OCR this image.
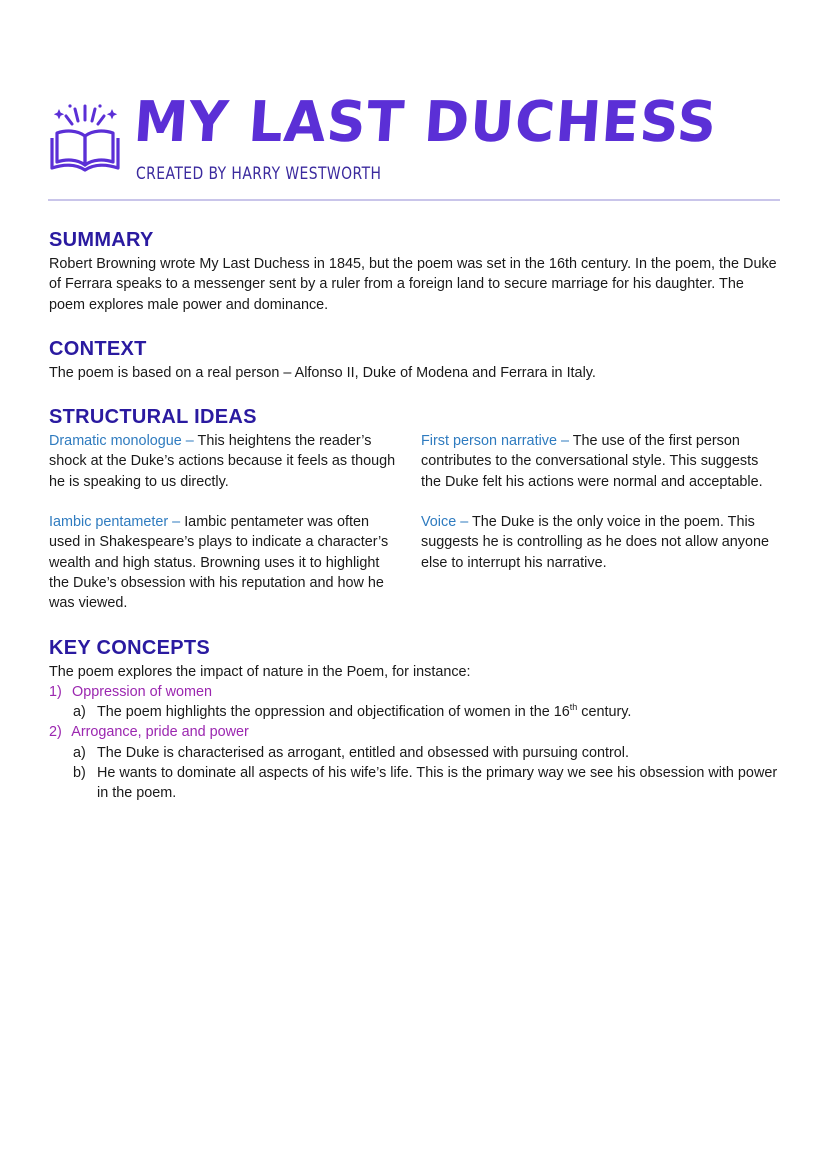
MY LAST DUCHESS
CREATED BY HARRY WESTWORTH
SUMMARY

Robert Browning wrote My Last Duchess in 1845, but the poem was set in the 16th century. In the poem, the Duke of Ferrara speaks to a messenger sent by a ruler from a foreign land to secure marriage for his daughter. The poem explores male power and dominance.

CONTEXT

The poem is based on a real person – Alfonso II, Duke of Modena and Ferrara in Italy.

STRUCTURAL IDEAS

Dramatic monologue – This heightens the reader’s shock at the Duke’s actions because it feels as though he is speaking to us directly.

First person narrative – The use of the first person contributes to the conversational style. This suggests the Duke felt his actions were normal and acceptable.

Iambic pentameter – Iambic pentameter was often used in Shakespeare’s plays to indicate a character’s wealth and high status. Browning uses it to highlight the Duke’s obsession with his reputation and how he was viewed.

Voice – The Duke is the only voice in the poem. This suggests he is controlling as he does not allow anyone else to interrupt his narrative.

KEY CONCEPTS

The poem explores the impact of nature in the Poem, for instance:

1) Oppression of women
a) The poem highlights the oppression and objectification of women in the 16th century.
2) Arrogance, pride and power
a) The Duke is characterised as arrogant, entitled and obsessed with pursuing control.
b) He wants to dominate all aspects of his wife’s life. This is the primary way we see his obsession with power in the poem.
